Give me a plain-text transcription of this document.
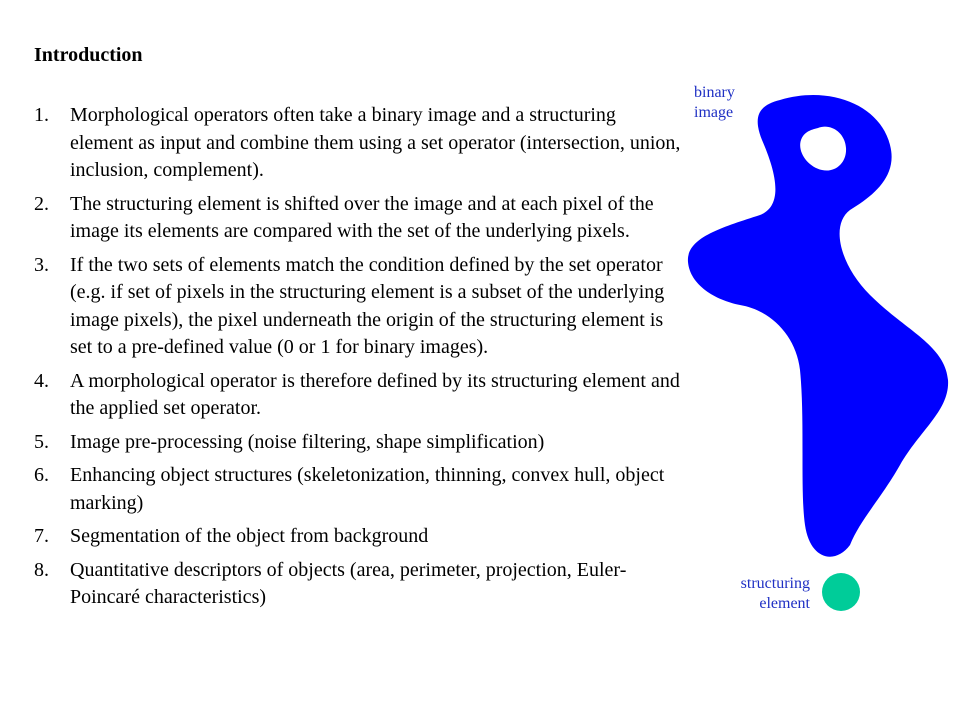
Introduction
1. Morphological operators often take a binary image and a structuring element as input and combine them using a set operator (intersection, union, inclusion, complement).
2. The structuring element is shifted over the image and at each pixel of the image its elements are compared with the set of the underlying pixels.
3. If the two sets of elements match the condition defined by the set operator (e.g. if set of pixels in the structuring element is a subset of the underlying image pixels), the pixel underneath the origin of the structuring element is set to a pre-defined value (0 or 1 for binary images).
4. A morphological operator is therefore defined by its structuring element and the applied set operator.
5. Image pre-processing (noise filtering, shape simplification)
6. Enhancing object structures (skeletonization, thinning, convex hull, object marking)
7. Segmentation of the object from background
8. Quantitative descriptors of objects (area, perimeter, projection, Euler-Poincaré characteristics)
binary
image
structuring
element
